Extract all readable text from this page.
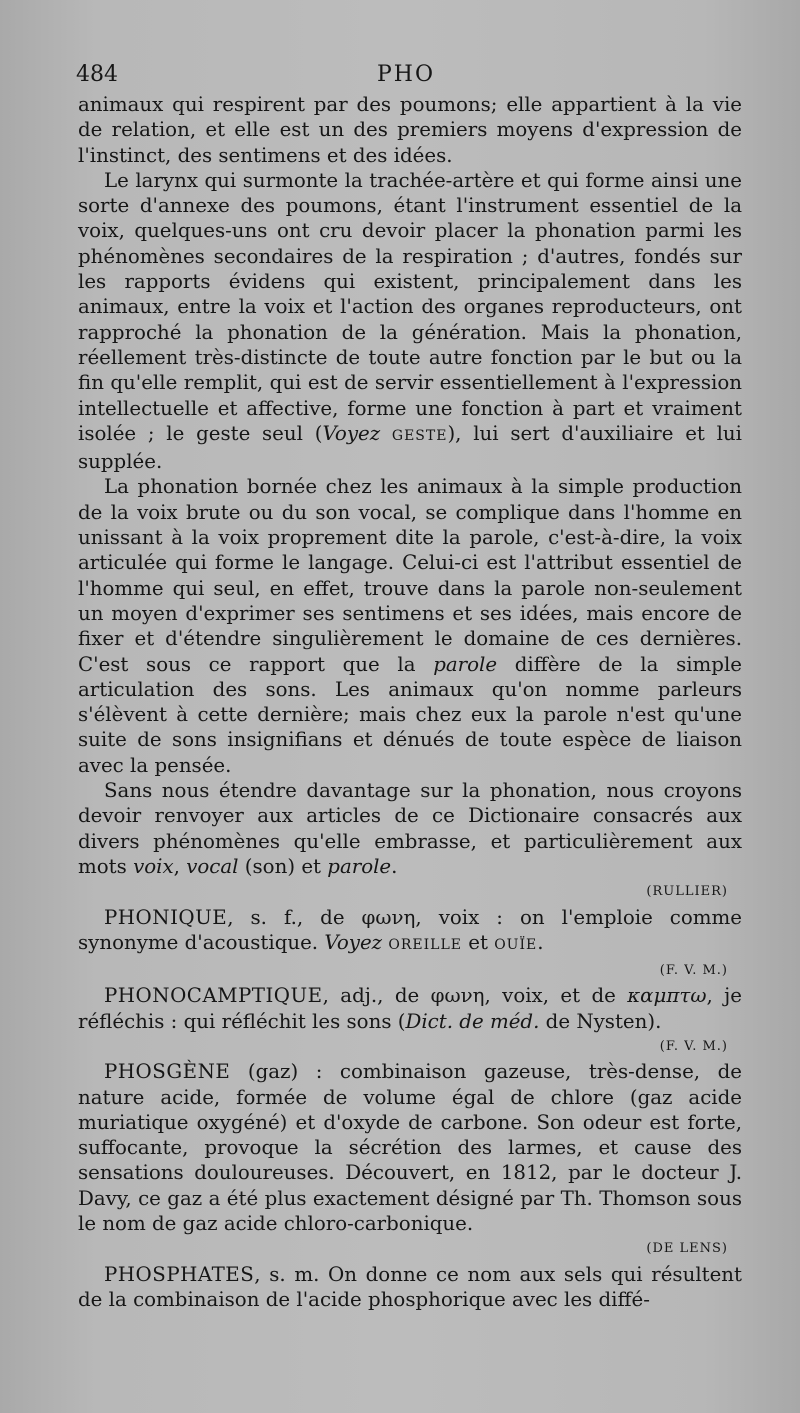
484	PHO

animaux qui respirent par des poumons; elle appartient à la vie de relation, et elle est un des premiers moyens d'expression de l'instinct, des sentimens et des idées.

Le larynx qui surmonte la trachée-artère et qui forme ainsi une sorte d'annexe des poumons, étant l'instrument essentiel de la voix, quelques-uns ont cru devoir placer la phonation parmi les phénomènes secondaires de la respiration ; d'autres, fondés sur les rapports évidens qui existent, principalement dans les animaux, entre la voix et l'action des organes reproducteurs, ont rapproché la phonation de la génération. Mais la phonation, réellement très-distincte de toute autre fonction par le but ou la fin qu'elle remplit, qui est de servir essentiellement à l'expression intellectuelle et affective, forme une fonction à part et vraiment isolée ; le geste seul (Voyez GESTE), lui sert d'auxiliaire et lui supplée.

La phonation bornée chez les animaux à la simple production de la voix brute ou du son vocal, se complique dans l'homme en unissant à la voix proprement dite la parole, c'est-à-dire, la voix articulée qui forme le langage. Celui-ci est l'attribut essentiel de l'homme qui seul, en effet, trouve dans la parole non-seulement un moyen d'exprimer ses sentimens et ses idées, mais encore de fixer et d'étendre singulièrement le domaine de ces dernières. C'est sous ce rapport que la parole diffère de la simple articulation des sons. Les animaux qu'on nomme parleurs s'élèvent à cette dernière; mais chez eux la parole n'est qu'une suite de sons insignifians et dénués de toute espèce de liaison avec la pensée.

Sans nous étendre davantage sur la phonation, nous croyons devoir renvoyer aux articles de ce Dictionaire consacrés aux divers phénomènes qu'elle embrasse, et particulièrement aux mots voix, vocal (son) et parole.

(RULLIER)

PHONIQUE, s. f., de φωνη, voix : on l'emploie comme synonyme d'acoustique. Voyez OREILLE et OUÏE.

(F. V. M.)

PHONOCAMPTIQUE, adj., de φωνη, voix, et de καμπτω, je réfléchis : qui réfléchit les sons (Dict. de méd. de Nysten).

(F. V. M.)

PHOSGÈNE (gaz) : combinaison gazeuse, très-dense, de nature acide, formée de volume égal de chlore (gaz acide muriatique oxygéné) et d'oxyde de carbone. Son odeur est forte, suffocante, provoque la sécrétion des larmes, et cause des sensations douloureuses. Découvert, en 1812, par le docteur J. Davy, ce gaz a été plus exactement désigné par Th. Thomson sous le nom de gaz acide chloro-carbonique.

(DE LENS)

PHOSPHATES, s. m. On donne ce nom aux sels qui résultent de la combinaison de l'acide phosphorique avec les diffé-
